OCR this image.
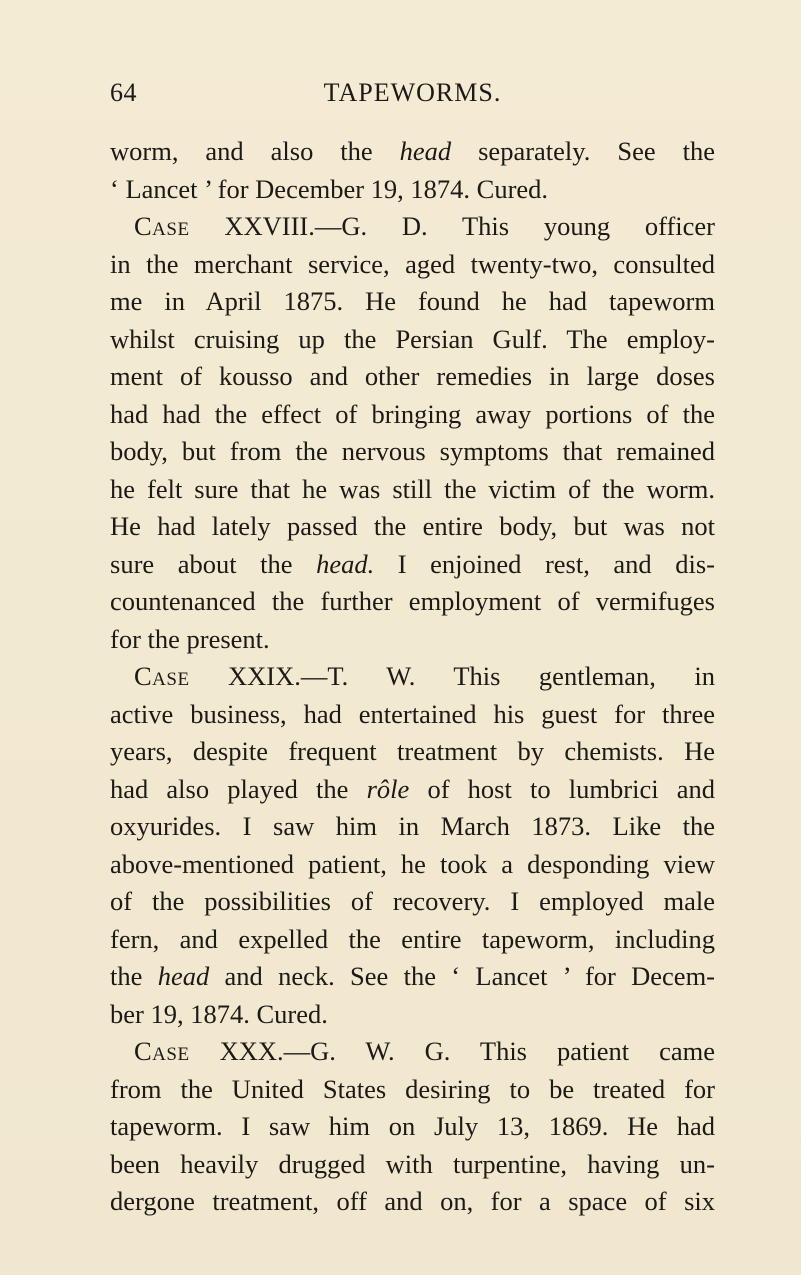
64	TAPEWORMS.
worm, and also the head separately. See the
‘ Lancet ’ for December 19, 1874. Cured.
Case XXVIII.—G. D. This young officer
in the merchant service, aged twenty-two, consulted
me in April 1875. He found he had tapeworm
whilst cruising up the Persian Gulf. The employ-
ment of kousso and other remedies in large doses
had had the effect of bringing away portions of the
body, but from the nervous symptoms that remained
he felt sure that he was still the victim of the worm.
He had lately passed the entire body, but was not
sure about the head. I enjoined rest, and dis-
countenanced the further employment of vermifuges
for the present.
Case XXIX.—T. W. This gentleman, in
active business, had entertained his guest for three
years, despite frequent treatment by chemists. He
had also played the rôle of host to lumbrici and
oxyurides. I saw him in March 1873. Like the
above-mentioned patient, he took a desponding view
of the possibilities of recovery. I employed male
fern, and expelled the entire tapeworm, including
the head and neck. See the ‘ Lancet ’ for Decem-
ber 19, 1874. Cured.
Case XXX.—G. W. G. This patient came
from the United States desiring to be treated for
tapeworm. I saw him on July 13, 1869. He had
been heavily drugged with turpentine, having un-
dergone treatment, off and on, for a space of six
